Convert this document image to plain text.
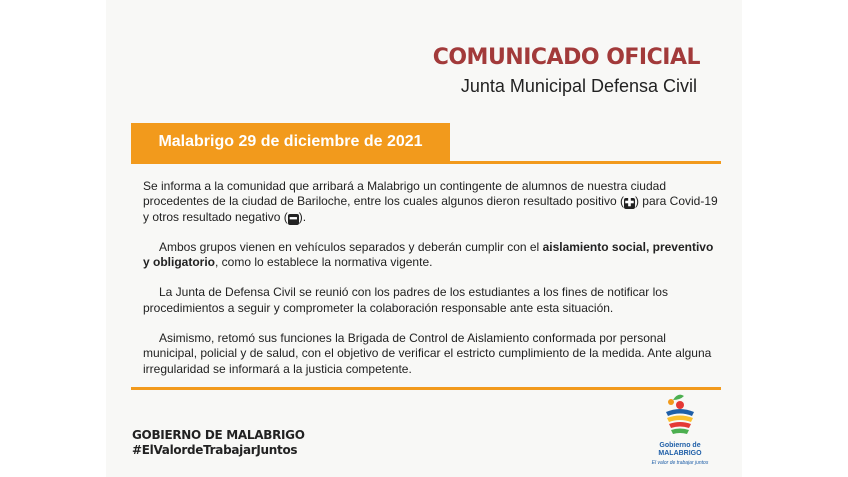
COMUNICADO OFICIAL
Junta Municipal Defensa Civil
Malabrigo 29 de diciembre de 2021

Se informa a la comunidad que arribará a Malabrigo un contingente de alumnos de nuestra ciudad procedentes de la ciudad de Bariloche, entre los cuales algunos dieron resultado positivo (✚) para Covid-19 y otros resultado negativo ( ━ ).

Ambos grupos vienen en vehículos separados y deberán cumplir con el aislamiento social, preventivo y obligatorio, como lo establece la normativa vigente.

La Junta de Defensa Civil se reunió con los padres de los estudiantes a los fines de notificar los procedimientos a seguir y comprometer la colaboración responsable ante esta situación.

Asimismo, retomó sus funciones la Brigada de Control de Aislamiento conformada por personal municipal, policial y de salud, con el objetivo de verificar el estricto cumplimiento de la medida. Ante alguna irregularidad se informará a la justicia competente.

GOBIERNO DE MALABRIGO
#ElValordeTrabajarJuntos	Gobierno de
MALABRIGO
El valor de trabajar juntos
